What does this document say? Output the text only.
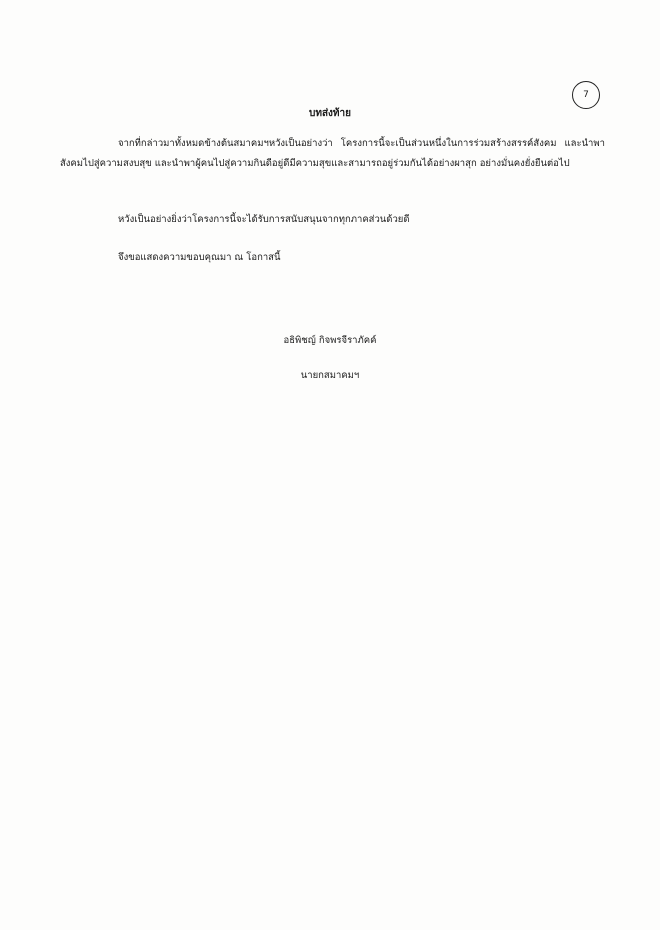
7
บทส่งท้าย

จากที่กล่าวมาทั้งหมดข้างต้นสมาคมฯหวังเป็นอย่างว่า โครงการนี้จะเป็นส่วนหนึ่งในการร่วมสร้างสรรค์สังคม และนำพาสังคมไปสู่ความสงบสุข และนำพาผู้คนไปสู่ความกินดีอยู่ดีมีความสุขและสามารถอยู่ร่วมกันได้อย่างผาสุก อย่างมั่นคงยั่งยืนต่อไป

หวังเป็นอย่างยิ่งว่าโครงการนี้จะได้รับการสนับสนุนจากทุกภาคส่วนด้วยดี

จึงขอแสดงความขอบคุณมา ณ โอกาสนี้

อธิพิชญ์ กิจพรจีราภัคค์
นายกสมาคมฯ
